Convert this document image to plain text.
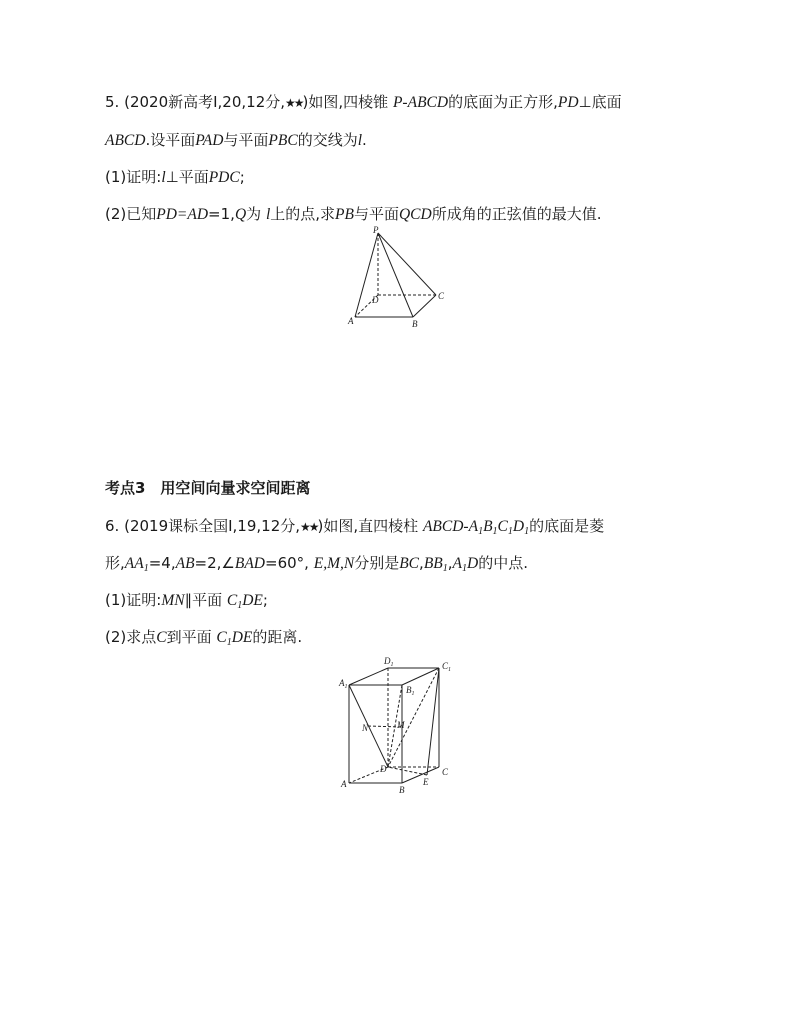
5. (2020新高考Ⅰ,20,12分,★★)如图,四棱锥 P-ABCD的底面为正方形,PD⊥底面
ABCD.设平面PAD与平面PBC的交线为l.
(1)证明:l⊥平面PDC;
(2)已知PD=AD=1,Q为 l上的点,求PB与平面QCD所成角的正弦值的最大值.
P
D	C
A	B
考点3　用空间向量求空间距离
6. (2019课标全国Ⅰ,19,12分,★★)如图,直四棱柱 ABCD-$A_1B_1C_1D_1$的底面是菱
形$,AA_1=4,AB=2,\angle BAD=60^\circ$, E,M,N分别是$BC,BB_1,A_1D$的中点.
(1)证明:MN∥平面 $C_1DE$;
(2)求点C到平面 $C_1DE$的距离.
$D_1$	$C_1$
$A_1$	$B_1$
N	M
D	C
A
B
E
